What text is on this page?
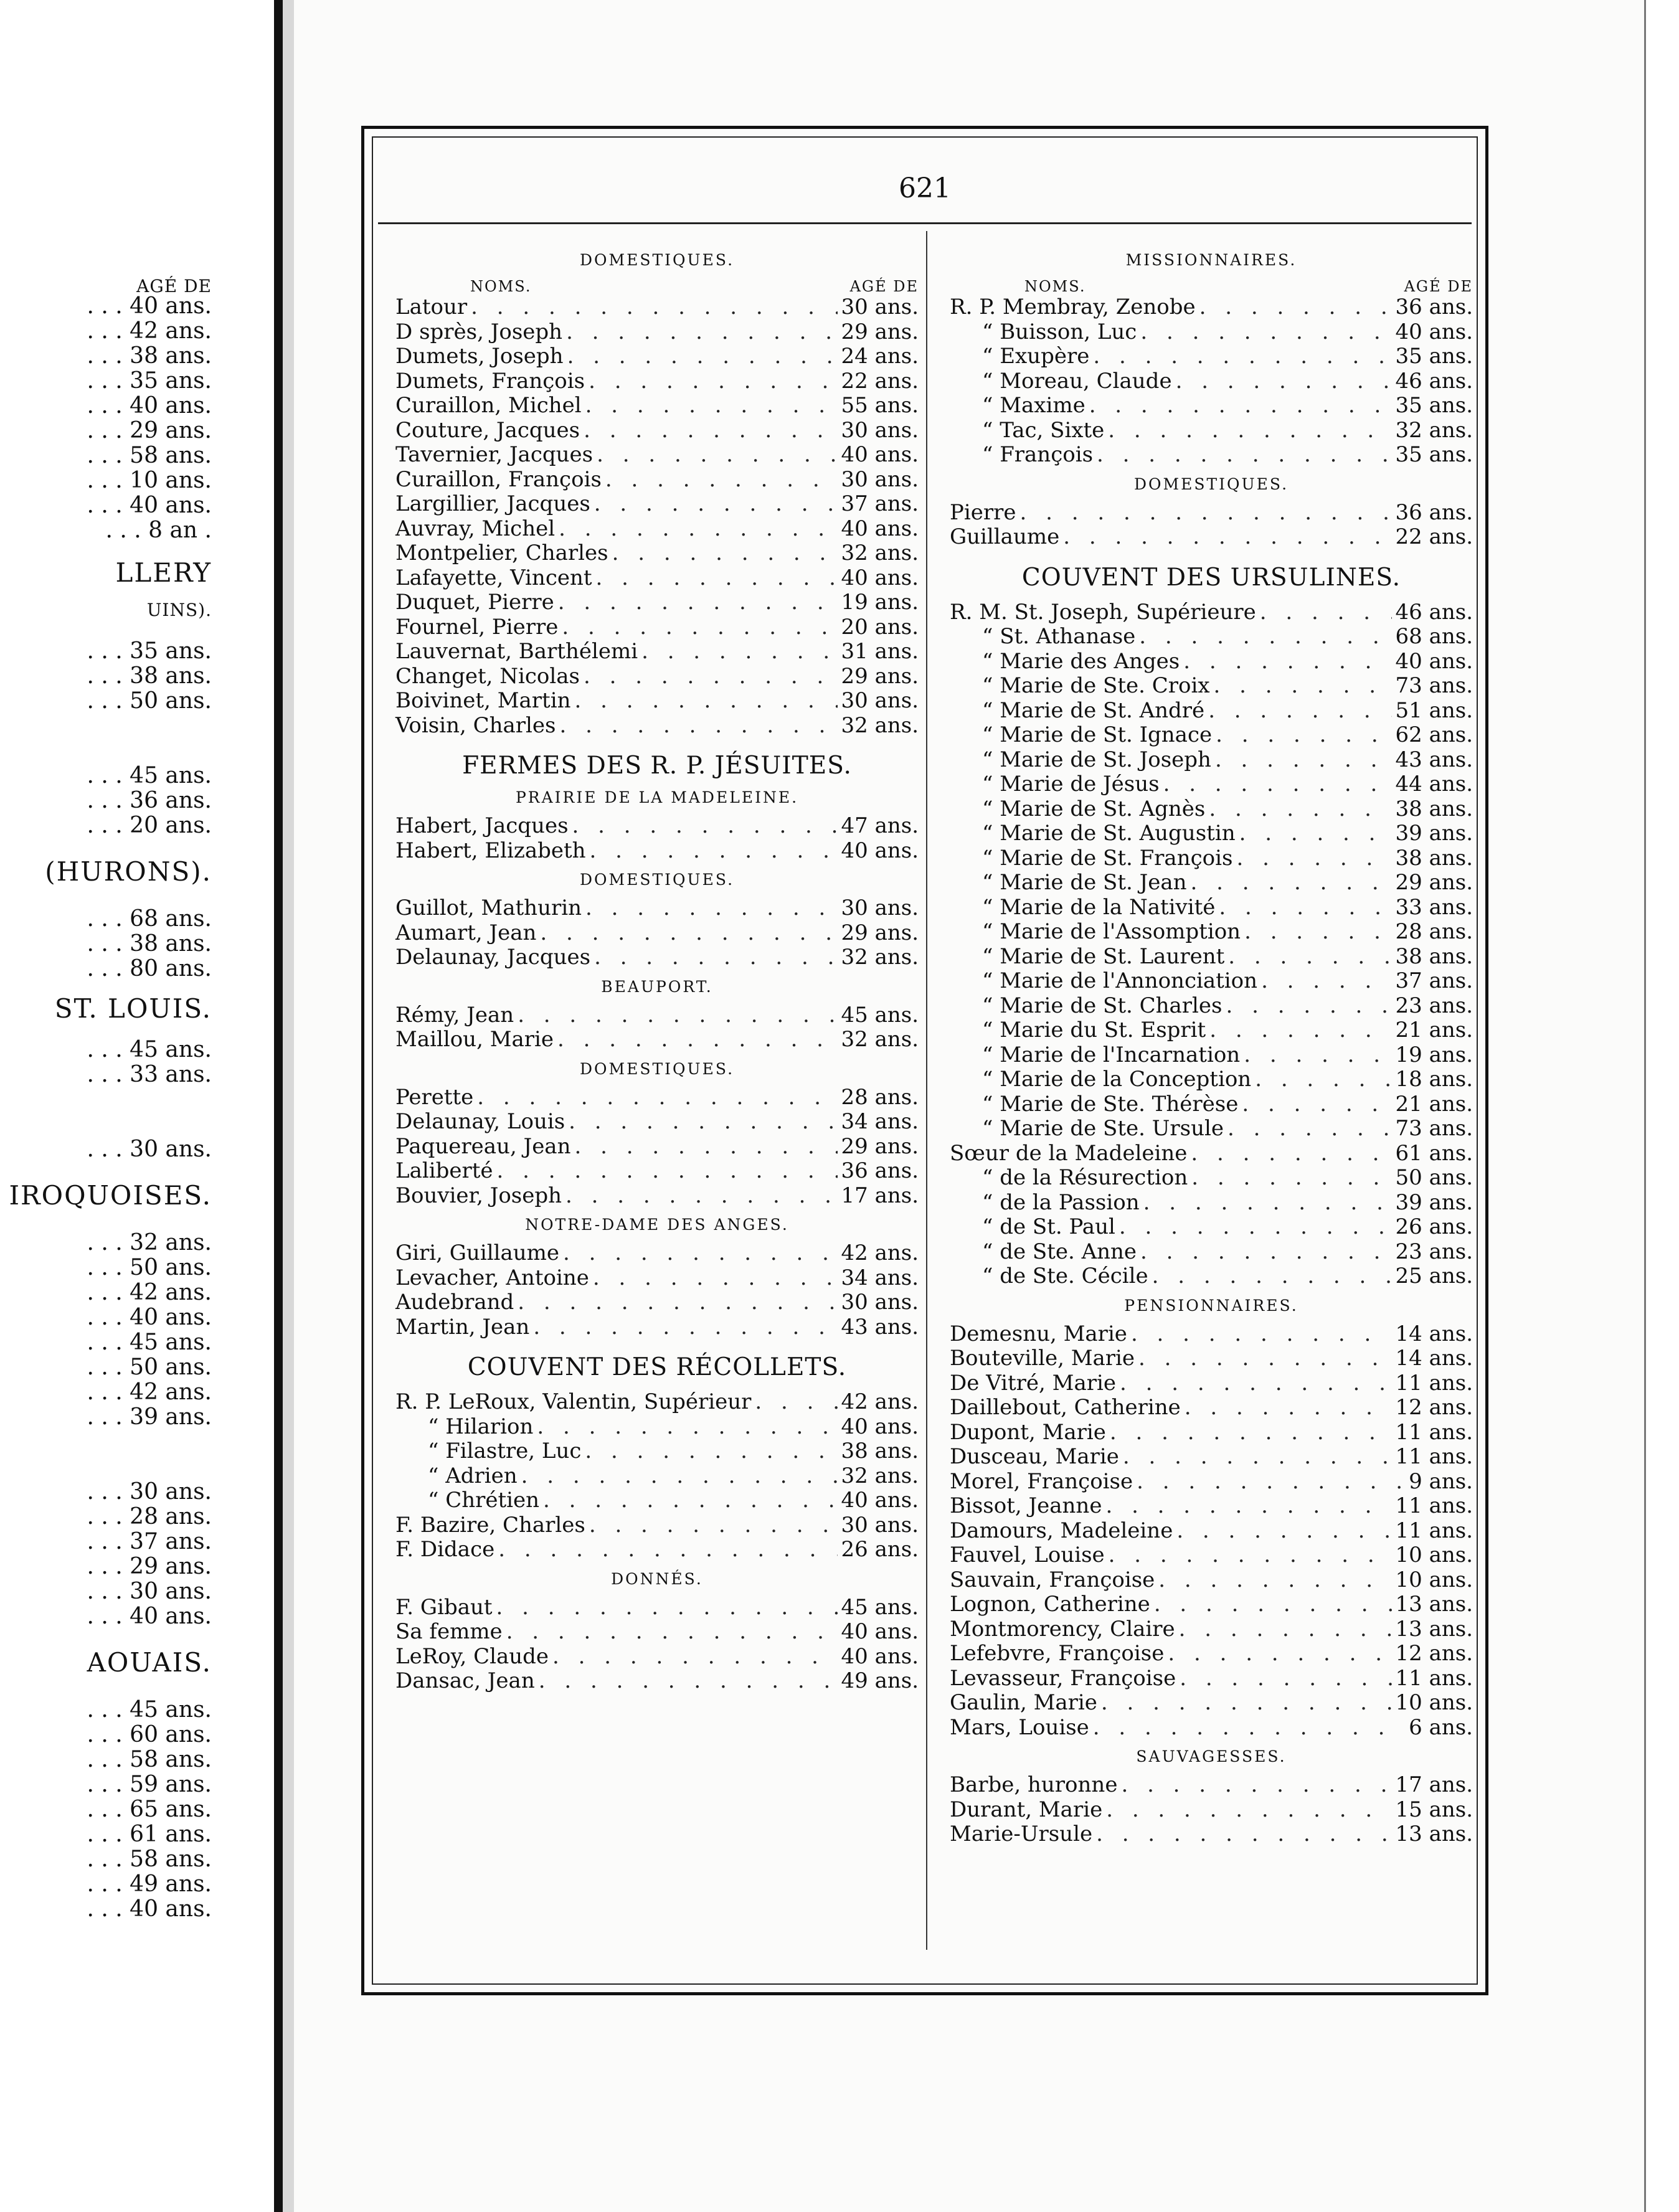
AGÉ DE
LLERY
UINS).
(HURONS).
ST. LOUIS.
IROQUOISES.
AOUAIS.
. . . 40 ans.
. . . 42 ans.
. . . 38 ans.
. . . 35 ans.
. . . 40 ans.
. . . 29 ans.
. . . 58 ans.
. . . 10 ans.
. . . 40 ans.
. . . 8 an .
. . . 35 ans.
. . . 38 ans.
. . . 50 ans.
. . . 45 ans.
. . . 36 ans.
. . . 20 ans.
. . . 68 ans.
. . . 38 ans.
. . . 80 ans.
. . . 45 ans.
. . . 33 ans.
. . . 30 ans.
. . . 32 ans.
. . . 50 ans.
. . . 42 ans.
. . . 40 ans.
. . . 45 ans.
. . . 50 ans.
. . . 42 ans.
. . . 39 ans.
. . . 30 ans.
. . . 28 ans.
. . . 37 ans.
. . . 29 ans.
. . . 30 ans.
. . . 40 ans.
. . . 45 ans.
. . . 60 ans.
. . . 58 ans.
. . . 59 ans.
. . . 65 ans.
. . . 61 ans.
. . . 58 ans.
. . . 49 ans.
. . . 40 ans.
621
DOMESTIQUES.
NOMS.	AGÉ DE
Latour . . .	30 ans.
D sprès, Joseph . . .	29 ans.
Dumets, Joseph . . .	24 ans.
Dumets, François . . .	22 ans.
Curaillon, Michel . . .	55 ans.
Couture, Jacques . . .	30 ans.
Tavernier, Jacques . . .	40 ans.
Curaillon, François . . .	30 ans.
Largillier, Jacques . . .	37 ans.
Auvray, Michel . . .	40 ans.
Montpelier, Charles . . .	32 ans.
Lafayette, Vincent . . .	40 ans.
Duquet, Pierre . . .	19 ans.
Fournel, Pierre . . .	20 ans.
Lauvernat, Barthélemi . . .	31 ans.
Changet, Nicolas . . .	29 ans.
Boivinet, Martin . . .	30 ans.
Voisin, Charles . . .	32 ans.
FERMES DES R. P. JÉSUITES.
PRAIRIE DE LA MADELEINE.
Habert, Jacques . . .	47 ans.
Habert, Elizabeth . . .	40 ans.
DOMESTIQUES.
Guillot, Mathurin . . .	30 ans.
Aumart, Jean . . .	29 ans.
Delaunay, Jacques . . .	32 ans.
BEAUPORT.
Rémy, Jean . . .	45 ans.
Maillou, Marie . . .	32 ans.
DOMESTIQUES.
Perette . . .	28 ans.
Delaunay, Louis . . .	34 ans.
Paquereau, Jean . . .	29 ans.
Laliberté . . .	36 ans.
Bouvier, Joseph . . .	17 ans.
NOTRE-DAME DES ANGES.
Giri, Guillaume . . .	42 ans.
Levacher, Antoine . . .	34 ans.
Audebrand . . .	30 ans.
Martin, Jean . . .	43 ans.
COUVENT DES RÉCOLLETS.
R. P. LeRoux, Valentin, Supérieur . . .	42 ans.
“ Hilarion . . .	40 ans.
“ Filastre, Luc . . .	38 ans.
“ Adrien . . .	32 ans.
“ Chrétien . . .	40 ans.
F. Bazire, Charles . . .	30 ans.
F. Didace . . .	26 ans.
DONNÉS.
F. Gibaut . . .	45 ans.
Sa femme . . .	40 ans.
LeRoy, Claude . . .	40 ans.
Dansac, Jean . . .	49 ans.
MISSIONNAIRES.
NOMS.	AGÉ DE
R. P. Membray, Zenobe . . .	36 ans.
“ Buisson, Luc . . .	40 ans.
“ Exupère . . .	35 ans.
“ Moreau, Claude . . .	46 ans.
“ Maxime . . .	35 ans.
“ Tac, Sixte . . .	32 ans.
“ François . . .	35 ans.
DOMESTIQUES.
Pierre . . .	36 ans.
Guillaume . . .	22 ans.
COUVENT DES URSULINES.
R. M. St. Joseph, Supérieure . . .	46 ans.
“ St. Athanase . . .	68 ans.
“ Marie des Anges . . .	40 ans.
“ Marie de Ste. Croix . . .	73 ans.
“ Marie de St. André . . .	51 ans.
“ Marie de St. Ignace . . .	62 ans.
“ Marie de St. Joseph . . .	43 ans.
“ Marie de Jésus . . .	44 ans.
“ Marie de St. Agnès . . .	38 ans.
“ Marie de St. Augustin . . .	39 ans.
“ Marie de St. François . . .	38 ans.
“ Marie de St. Jean . . .	29 ans.
“ Marie de la Nativité . . .	33 ans.
“ Marie de l'Assomption . . .	28 ans.
“ Marie de St. Laurent . . .	38 ans.
“ Marie de l'Annonciation . . .	37 ans.
“ Marie de St. Charles . . .	23 ans.
“ Marie du St. Esprit . . .	21 ans.
“ Marie de l'Incarnation . . .	19 ans.
“ Marie de la Conception . . .	18 ans.
“ Marie de Ste. Thérèse . . .	21 ans.
“ Marie de Ste. Ursule . . .	73 ans.
Sœur de la Madeleine . . .	61 ans.
“ de la Résurection . . .	50 ans.
“ de la Passion . . .	39 ans.
“ de St. Paul . . .	26 ans.
“ de Ste. Anne . . .	23 ans.
“ de Ste. Cécile . . .	25 ans.
PENSIONNAIRES.
Demesnu, Marie . . .	14 ans.
Bouteville, Marie . . .	14 ans.
De Vitré, Marie . . .	11 ans.
Daillebout, Catherine . . .	12 ans.
Dupont, Marie . . .	11 ans.
Dusceau, Marie . . .	11 ans.
Morel, Françoise . . .	9 ans.
Bissot, Jeanne . . .	11 ans.
Damours, Madeleine . . .	11 ans.
Fauvel, Louise . . .	10 ans.
Sauvain, Françoise . . .	10 ans.
Lognon, Catherine . . .	13 ans.
Montmorency, Claire . . .	13 ans.
Lefebvre, Françoise . . .	12 ans.
Levasseur, Françoise . . .	11 ans.
Gaulin, Marie . . .	10 ans.
Mars, Louise . . .	6 ans.
SAUVAGESSES.
Barbe, huronne . . .	17 ans.
Durant, Marie . . .	15 ans.
Marie-Ursule . . .	13 ans.
